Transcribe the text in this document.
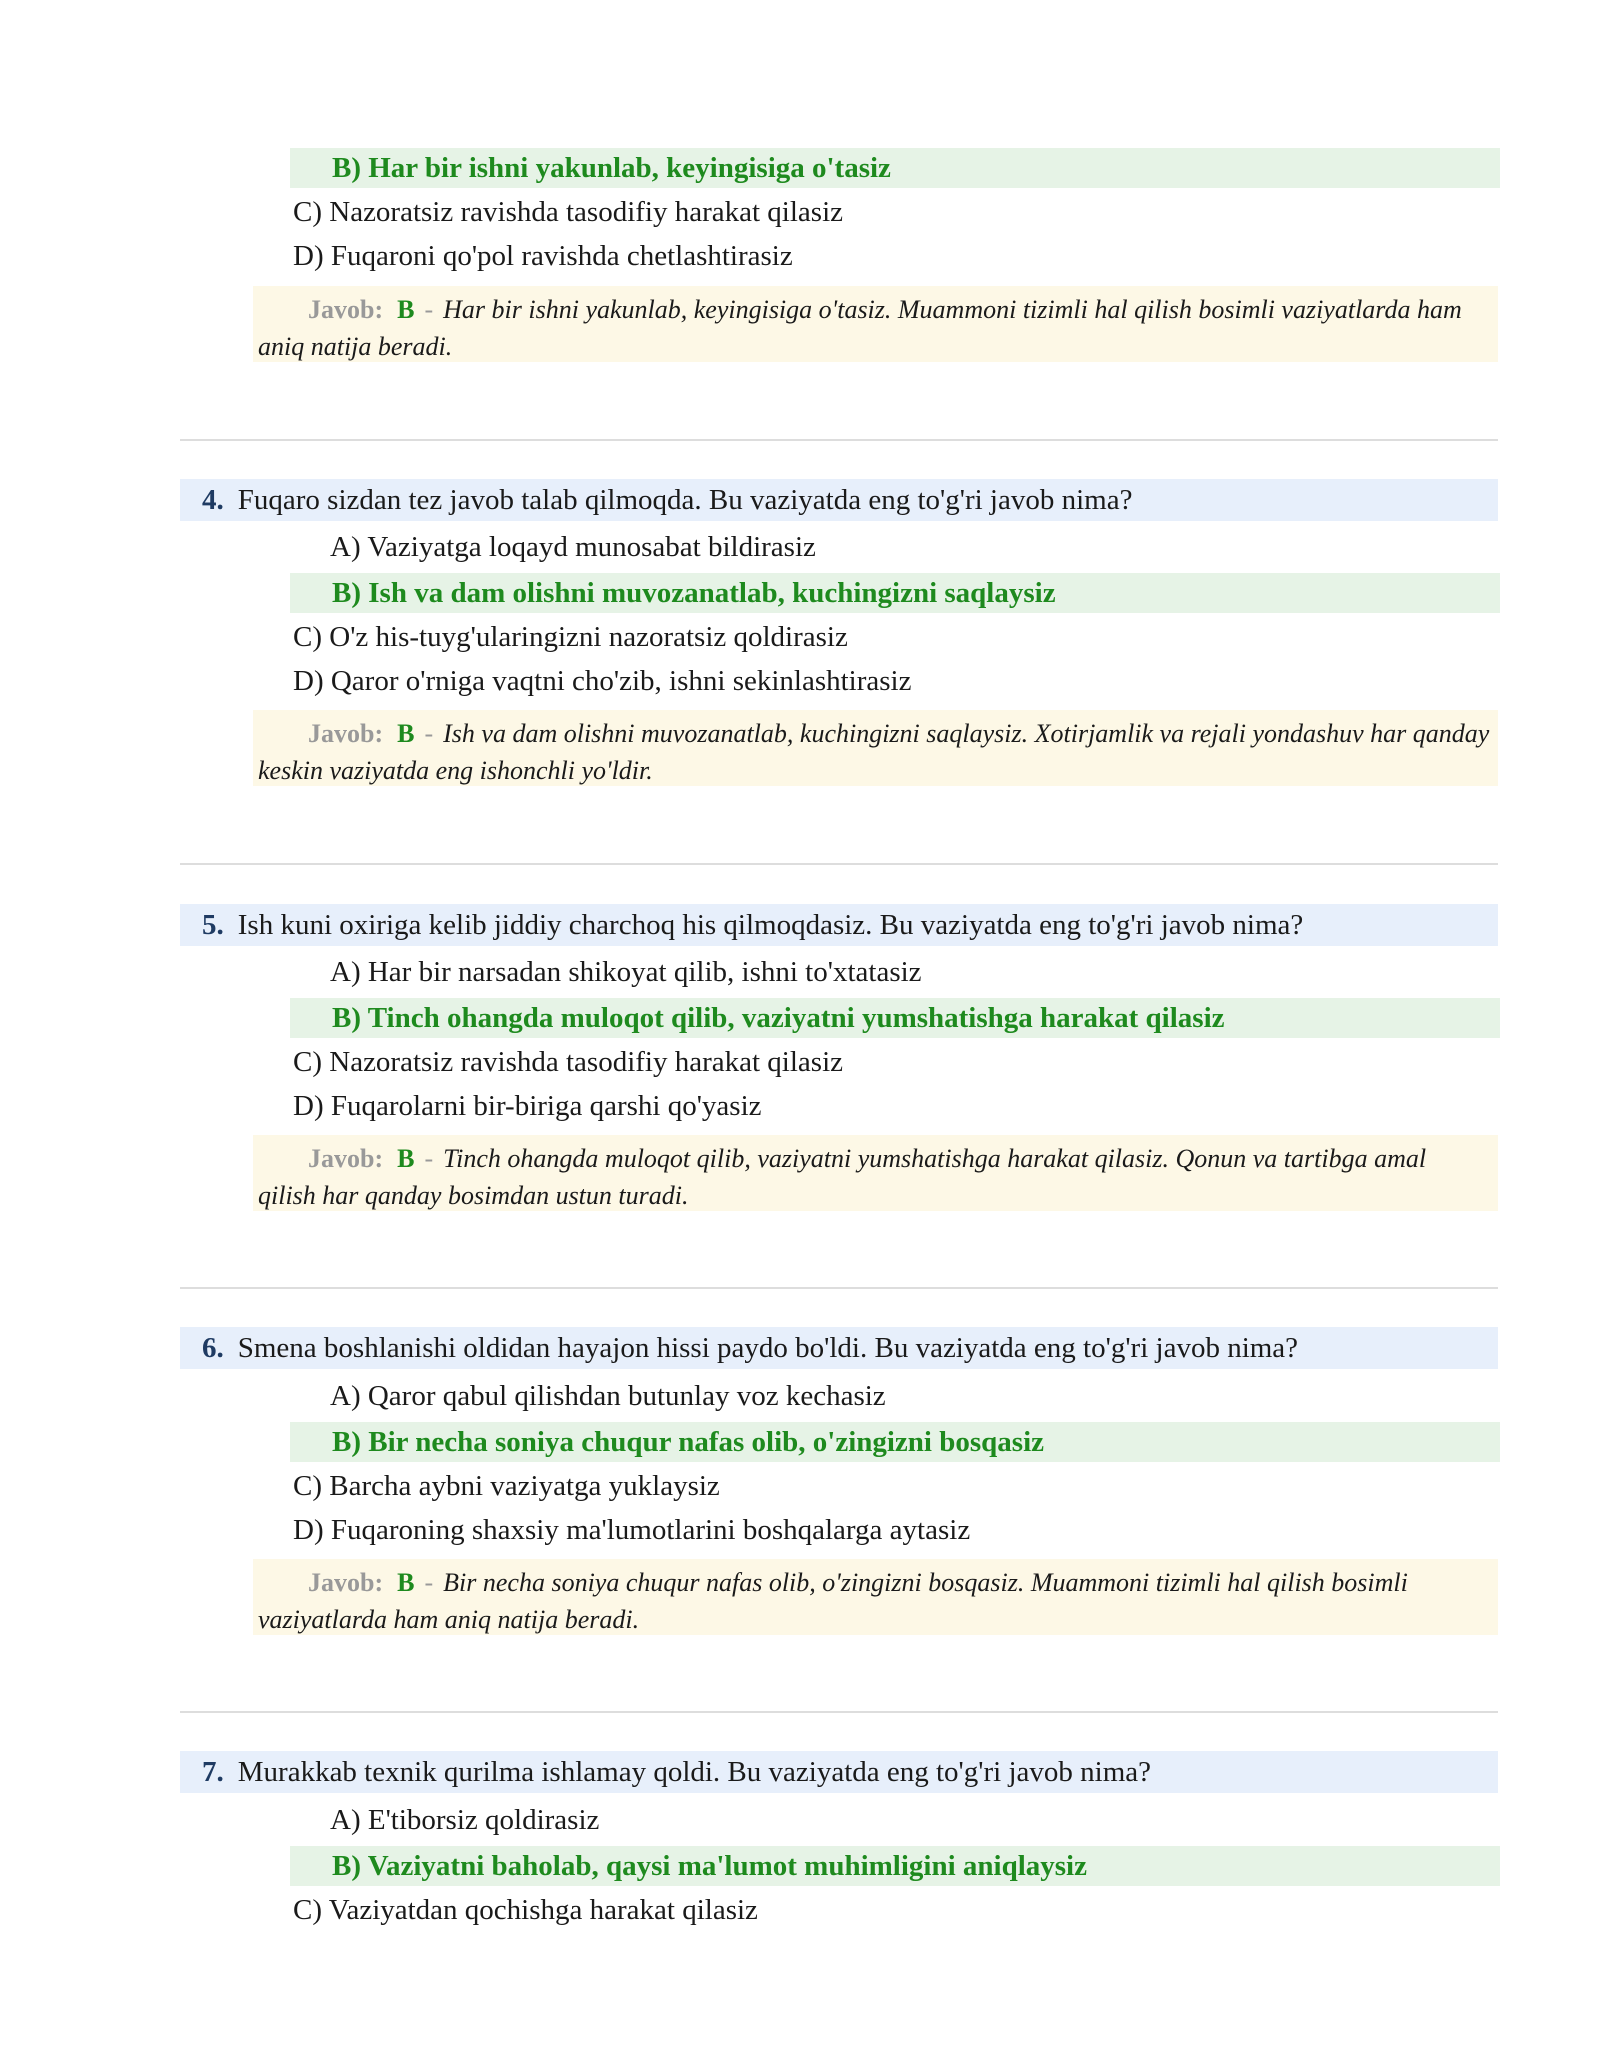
B) Har bir ishni yakunlab, keyingisiga o'tasiz
C) Nazoratsiz ravishda tasodifiy harakat qilasiz
D) Fuqaroni qo'pol ravishda chetlashtirasiz
Javob: B - Har bir ishni yakunlab, keyingisiga o'tasiz. Muammoni tizimli hal qilish bosimli vaziyatlarda ham aniq natija beradi.
4. Fuqaro sizdan tez javob talab qilmoqda. Bu vaziyatda eng to'g'ri javob nima?
A) Vaziyatga loqayd munosabat bildirasiz
B) Ish va dam olishni muvozanatlab, kuchingizni saqlaysiz
C) O'z his-tuyg'ularingizni nazoratsiz qoldirasiz
D) Qaror o'rniga vaqtni cho'zib, ishni sekinlashtirasiz
Javob: B - Ish va dam olishni muvozanatlab, kuchingizni saqlaysiz. Xotirjamlik va rejali yondashuv har qanday keskin vaziyatda eng ishonchli yo'ldir.
5. Ish kuni oxiriga kelib jiddiy charchoq his qilmoqdasiz. Bu vaziyatda eng to'g'ri javob nima?
A) Har bir narsadan shikoyat qilib, ishni to'xtatasiz
B) Tinch ohangda muloqot qilib, vaziyatni yumshatishga harakat qilasiz
C) Nazoratsiz ravishda tasodifiy harakat qilasiz
D) Fuqarolarni bir-biriga qarshi qo'yasiz
Javob: B - Tinch ohangda muloqot qilib, vaziyatni yumshatishga harakat qilasiz. Qonun va tartibga amal qilish har qanday bosimdan ustun turadi.
6. Smena boshlanishi oldidan hayajon hissi paydo bo'ldi. Bu vaziyatda eng to'g'ri javob nima?
A) Qaror qabul qilishdan butunlay voz kechasiz
B) Bir necha soniya chuqur nafas olib, o'zingizni bosqasiz
C) Barcha aybni vaziyatga yuklaysiz
D) Fuqaroning shaxsiy ma'lumotlarini boshqalarga aytasiz
Javob: B - Bir necha soniya chuqur nafas olib, o'zingizni bosqasiz. Muammoni tizimli hal qilish bosimli vaziyatlarda ham aniq natija beradi.
7. Murakkab texnik qurilma ishlamay qoldi. Bu vaziyatda eng to'g'ri javob nima?
A) E'tiborsiz qoldirasiz
B) Vaziyatni baholab, qaysi ma'lumot muhimligini aniqlaysiz
C) Vaziyatdan qochishga harakat qilasiz
